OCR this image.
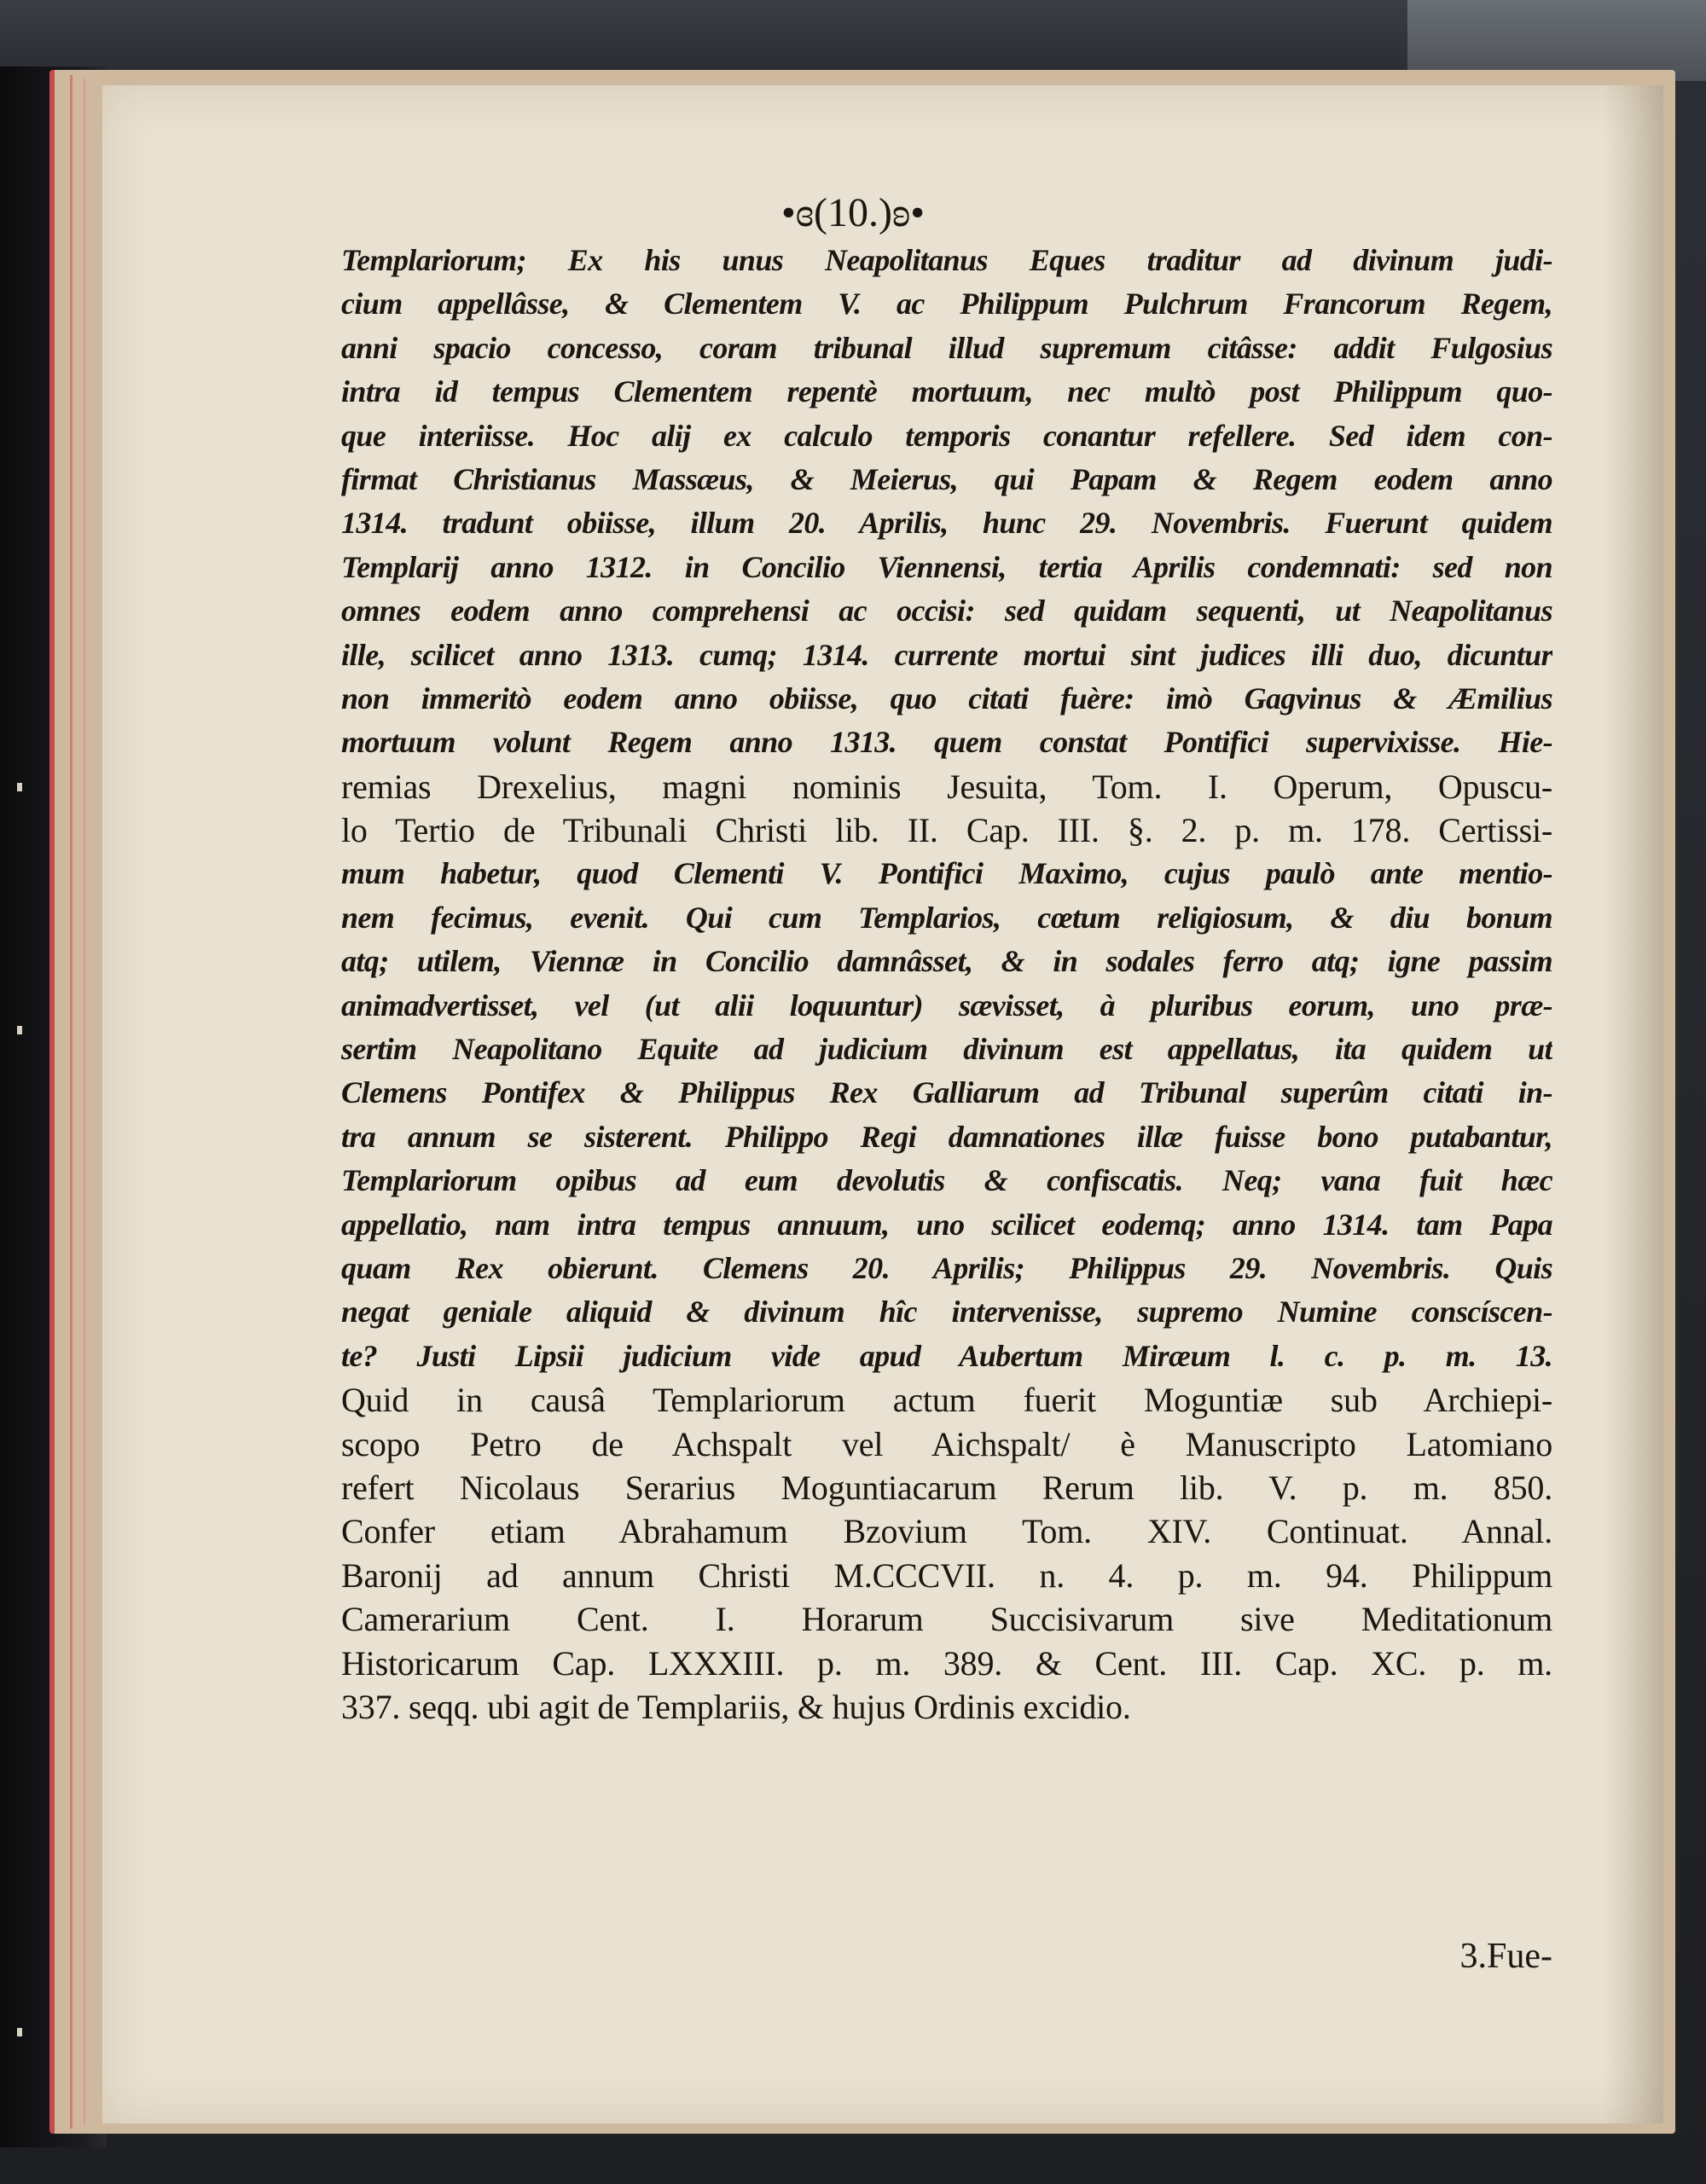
•ɞ(10.)ʚ•
Templariorum; Ex his unus Neapolitanus Eques traditur ad divinum judi-
cium appellâsse, & Clementem V. ac Philippum Pulchrum Francorum Regem,
anni spacio concesso, coram tribunal illud supremum citâsse: addit Fulgosius
intra id tempus Clementem repentè mortuum, nec multò post Philippum quo-
que interiisse. Hoc alij ex calculo temporis conantur refellere. Sed idem con-
firmat Christianus Massæus, & Meierus, qui Papam & Regem eodem anno
1314. tradunt obiisse, illum 20. Aprilis, hunc 29. Novembris. Fuerunt quidem
Templarij anno 1312. in Concilio Viennensi, tertia Aprilis condemnati: sed non
omnes eodem anno comprehensi ac occisi: sed quidam sequenti, ut Neapolitanus
ille, scilicet anno 1313. cumq; 1314. currente mortui sint judices illi duo, dicuntur
non immeritò eodem anno obiisse, quo citati fuère: imò Gagvinus & Æmilius
mortuum volunt Regem anno 1313. quem constat Pontifici supervixisse. Hie-
remias Drexelius, magni nominis Jesuita, Tom. I. Operum, Opuscu-
lo Tertio de Tribunali Christi lib. II. Cap. III. §. 2. p. m. 178. Certissi-
mum habetur, quod Clementi V. Pontifici Maximo, cujus paulò ante mentio-
nem fecimus, evenit. Qui cum Templarios, cœtum religiosum, & diu bonum
atq; utilem, Viennæ in Concilio damnâsset, & in sodales ferro atq; igne passim
animadvertisset, vel (ut alii loquuntur) sævisset, à pluribus eorum, uno præ-
sertim Neapolitano Equite ad judicium divinum est appellatus, ita quidem ut
Clemens Pontifex & Philippus Rex Galliarum ad Tribunal superûm citati in-
tra annum se sisterent. Philippo Regi damnationes illæ fuisse bono putabantur,
Templariorum opibus ad eum devolutis & confiscatis. Neq; vana fuit hæc
appellatio, nam intra tempus annuum, uno scilicet eodemq; anno 1314. tam Papa
quam Rex obierunt. Clemens 20. Aprilis; Philippus 29. Novembris. Quis
negat geniale aliquid & divinum hîc intervenisse, supremo Numine conscíscen-
te? Justi Lipsii judicium vide apud Aubertum Miræum l. c. p. m. 13.
Quid in causâ Templariorum actum fuerit Moguntiæ sub Archiepi-
scopo Petro de Achspalt vel Aichspalt/ è Manuscripto Latomiano
refert Nicolaus Serarius Moguntiacarum Rerum lib. V. p. m. 850.
Confer etiam Abrahamum Bzovium Tom. XIV. Continuat. Annal.
Baronij ad annum Christi M.CCCVII. n. 4. p. m. 94. Philippum
Camerarium Cent. I. Horarum Succisivarum sive Meditationum
Historicarum Cap. LXXXIII. p. m. 389. & Cent. III. Cap. XC. p. m.
337. seqq. ubi agit de Templariis, & hujus Ordinis excidio.
3.Fue-
